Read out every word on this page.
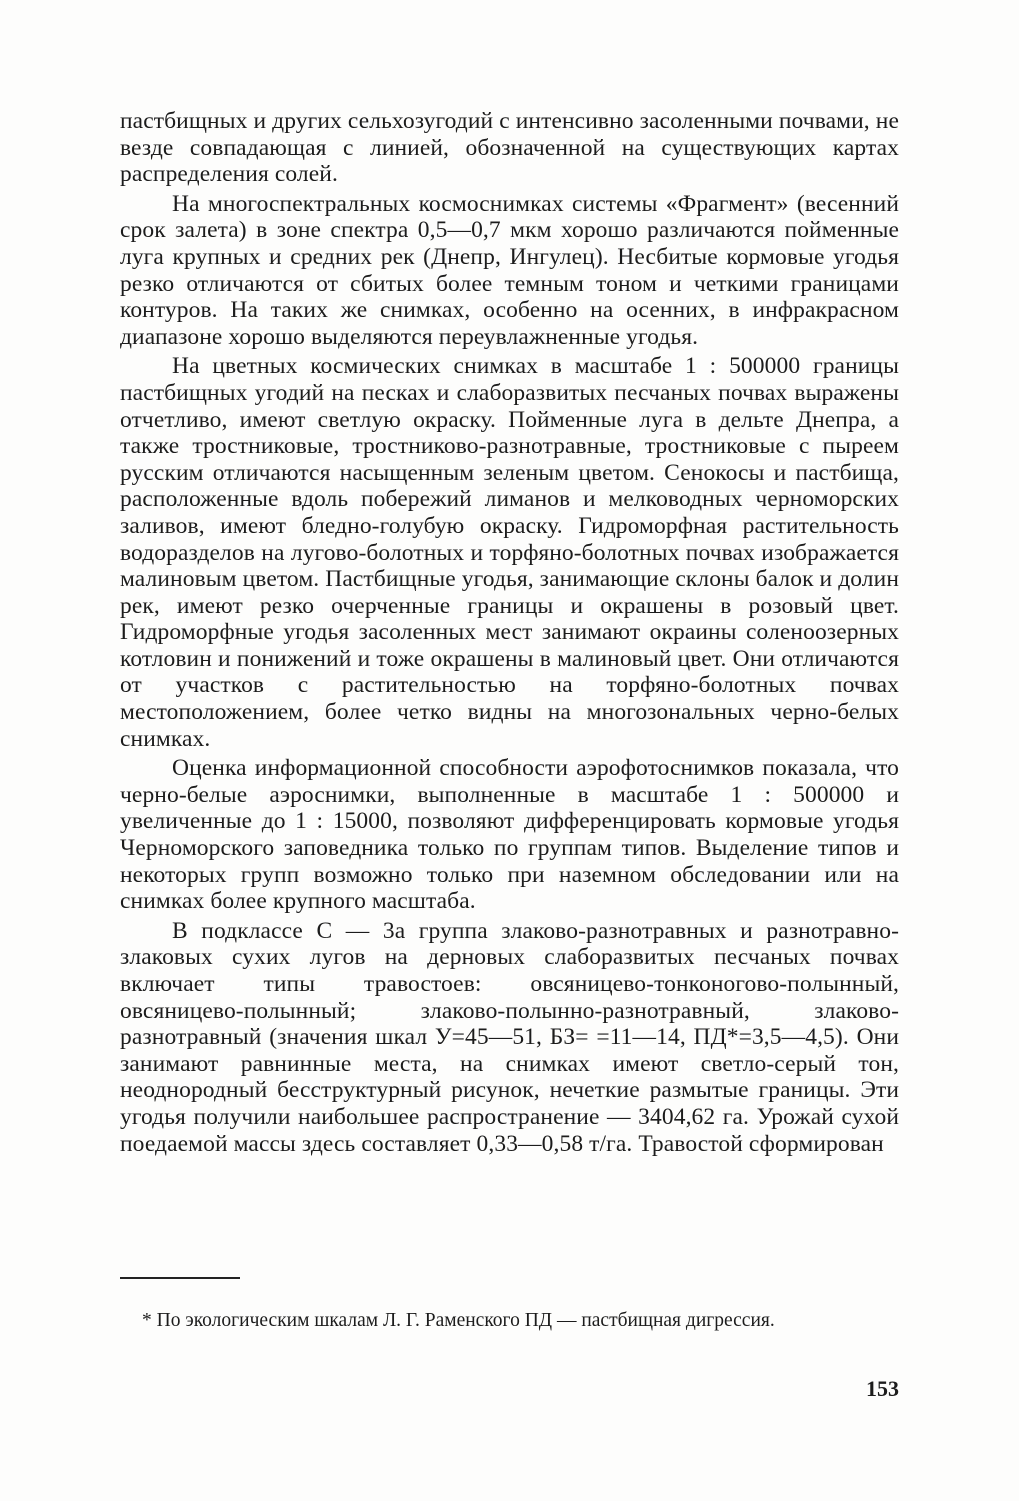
пастбищных и других сельхозугодий с интенсивно засоленными почвами, не везде совпадающая с линией, обозначенной на существующих картах распределения солей.

На многоспектральных космоснимках системы «Фрагмент» (весенний срок залета) в зоне спектра 0,5—0,7 мкм хорошо различаются пойменные луга крупных и средних рек (Днепр, Ингулец). Несбитые кормовые угодья резко отличаются от сбитых более темным тоном и четкими границами контуров. На таких же снимках, особенно на осенних, в инфракрасном диапазоне хорошо выделяются переувлажненные угодья.

На цветных космических снимках в масштабе 1 : 500000 границы пастбищных угодий на песках и слаборазвитых песчаных почвах выражены отчетливо, имеют светлую окраску. Пойменные луга в дельте Днепра, а также тростниковые, тростниково-разнотравные, тростниковые с пыреем русским отличаются насыщенным зеленым цветом. Сенокосы и пастбища, расположенные вдоль побережий лиманов и мелководных черноморских заливов, имеют бледно-голубую окраску. Гидроморфная растительность водоразделов на лугово-болотных и торфяно-болотных почвах изображается малиновым цветом. Пастбищные угодья, занимающие склоны балок и долин рек, имеют резко очерченные границы и окрашены в розовый цвет. Гидроморфные угодья засоленных мест занимают окраины соленоозерных котловин и понижений и тоже окрашены в малиновый цвет. Они отличаются от участков с растительностью на торфяно-болотных почвах местоположением, более четко видны на многозональных черно-белых снимках.

Оценка информационной способности аэрофотоснимков показала, что черно-белые аэроснимки, выполненные в масштабе 1 : 500000 и увеличенные до 1 : 15000, позволяют дифференцировать кормовые угодья Черноморского заповедника только по группам типов. Выделение типов и некоторых групп возможно только при наземном обследовании или на снимках более крупного масштаба.

В подклассе С — 3а группа злаково-разнотравных и разнотравно-злаковых сухих лугов на дерновых слаборазвитых песчаных почвах включает типы травостоев: овсяницево-тонконогово-полынный, овсяницево-полынный; злаково-полынно-разнотравный, злаково-разнотравный (значения шкал У=45—51, БЗ= =11—14, ПД*=3,5—4,5). Они занимают равнинные места, на снимках имеют светло-серый тон, неоднородный бесструктурный рисунок, нечеткие размытые границы. Эти угодья получили наибольшее распространение — 3404,62 га. Урожай сухой поедаемой массы здесь составляет 0,33—0,58 т/га. Травостой сформирован

* По экологическим шкалам Л. Г. Раменского ПД — пастбищная дигрессия.

153
